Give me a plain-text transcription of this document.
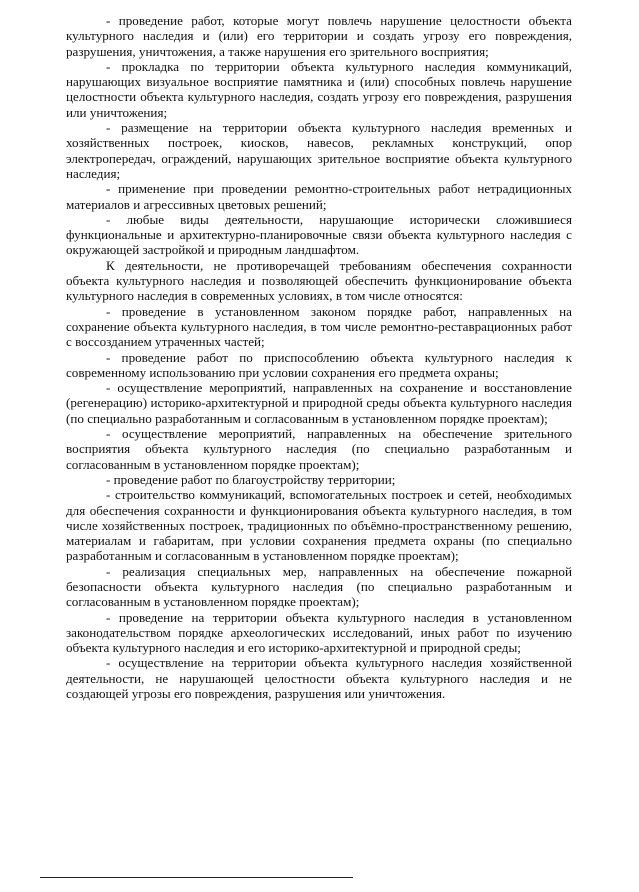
- проведение работ, которые могут повлечь нарушение целостности объекта культурного наследия и (или) его территории и создать угрозу его повреждения, разрушения, уничтожения, а также нарушения его зрительного восприятия;

- прокладка по территории объекта культурного наследия коммуникаций, нарушающих визуальное восприятие памятника и (или) способных повлечь нарушение целостности объекта культурного наследия, создать угрозу его повреждения, разрушения или уничтожения;

- размещение на территории объекта культурного наследия временных и хозяйственных построек, киосков, навесов, рекламных конструкций, опор электропередач, ограждений, нарушающих зрительное восприятие объекта культурного наследия;

- применение при проведении ремонтно-строительных работ нетрадиционных материалов и агрессивных цветовых решений;

- любые виды деятельности, нарушающие исторически сложившиеся функциональные и архитектурно-планировочные связи объекта культурного наследия с окружающей застройкой и природным ландшафтом.

К деятельности, не противоречащей требованиям обеспечения сохранности объекта культурного наследия и позволяющей обеспечить функционирование объекта культурного наследия в современных условиях, в том числе относятся:

- проведение в установленном законом порядке работ, направленных на сохранение объекта культурного наследия, в том числе ремонтно-реставрационных работ с воссозданием утраченных частей;

- проведение работ по приспособлению объекта культурного наследия к современному использованию при условии сохранения его предмета охраны;

- осуществление мероприятий, направленных на сохранение и восстановление (регенерацию) историко-архитектурной и природной среды объекта культурного наследия (по специально разработанным и согласованным в установленном порядке проектам);

- осуществление мероприятий, направленных на обеспечение зрительного восприятия объекта культурного наследия (по специально разработанным и согласованным в установленном порядке проектам);

- проведение работ по благоустройству территории;

- строительство коммуникаций, вспомогательных построек и сетей, необходимых для обеспечения сохранности и функционирования объекта культурного наследия, в том числе хозяйственных построек, традиционных по объёмно-пространственному решению, материалам и габаритам, при условии сохранения предмета охраны (по специально разработанным и согласованным в установленном порядке проектам);

- реализация специальных мер, направленных на обеспечение пожарной безопасности объекта культурного наследия (по специально разработанным и согласованным в установленном порядке проектам);

- проведение на территории объекта культурного наследия в установленном законодательством порядке археологических исследований, иных работ по изучению объекта культурного наследия и его историко-архитектурной и природной среды;

- осуществление на территории объекта культурного наследия хозяйственной деятельности, не нарушающей целостности объекта культурного наследия и не создающей угрозы его повреждения, разрушения или уничтожения.
